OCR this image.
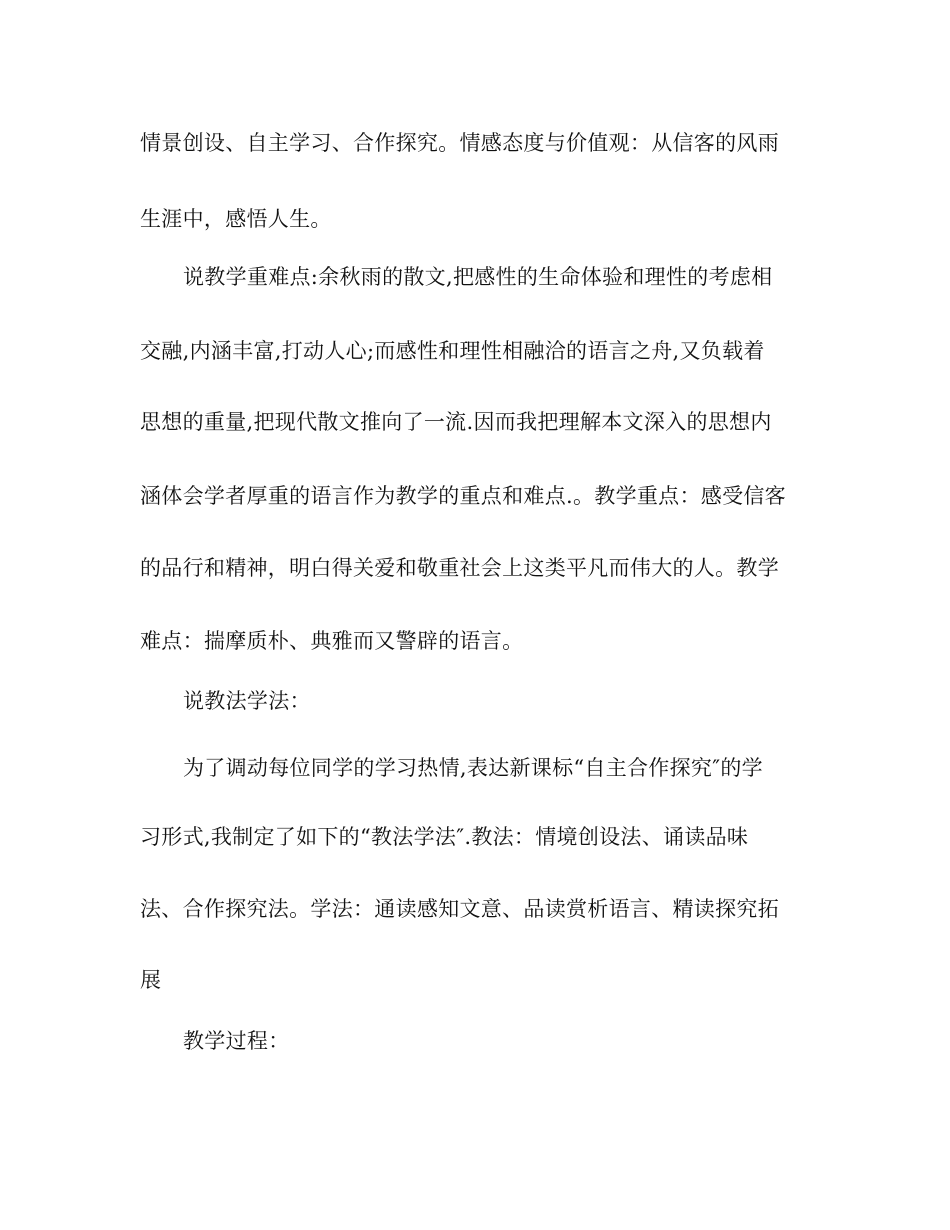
情景创设、自主学习、合作探究。情感态度与价值观：从信客的风雨
生涯中，感悟人生。
说教学重难点:余秋雨的散文,把感性的生命体验和理性的考虑相
交融,内涵丰富,打动人心;而感性和理性相融洽的语言之舟,又负载着
思想的重量,把现代散文推向了一流.因而我把理解本文深入的思想内
涵体会学者厚重的语言作为教学的重点和难点.。教学重点：感受信客
的品行和精神，明白得关爱和敬重社会上这类平凡而伟大的人。教学
难点：揣摩质朴、典雅而又警辟的语言。
说教法学法：
为了调动每位同学的学习热情,表达新课标“自主合作探究″的学
习形式,我制定了如下的“教法学法″.教法：情境创设法、诵读品味
法、合作探究法。学法：通读感知文意、品读赏析语言、精读探究拓
展
教学过程：
